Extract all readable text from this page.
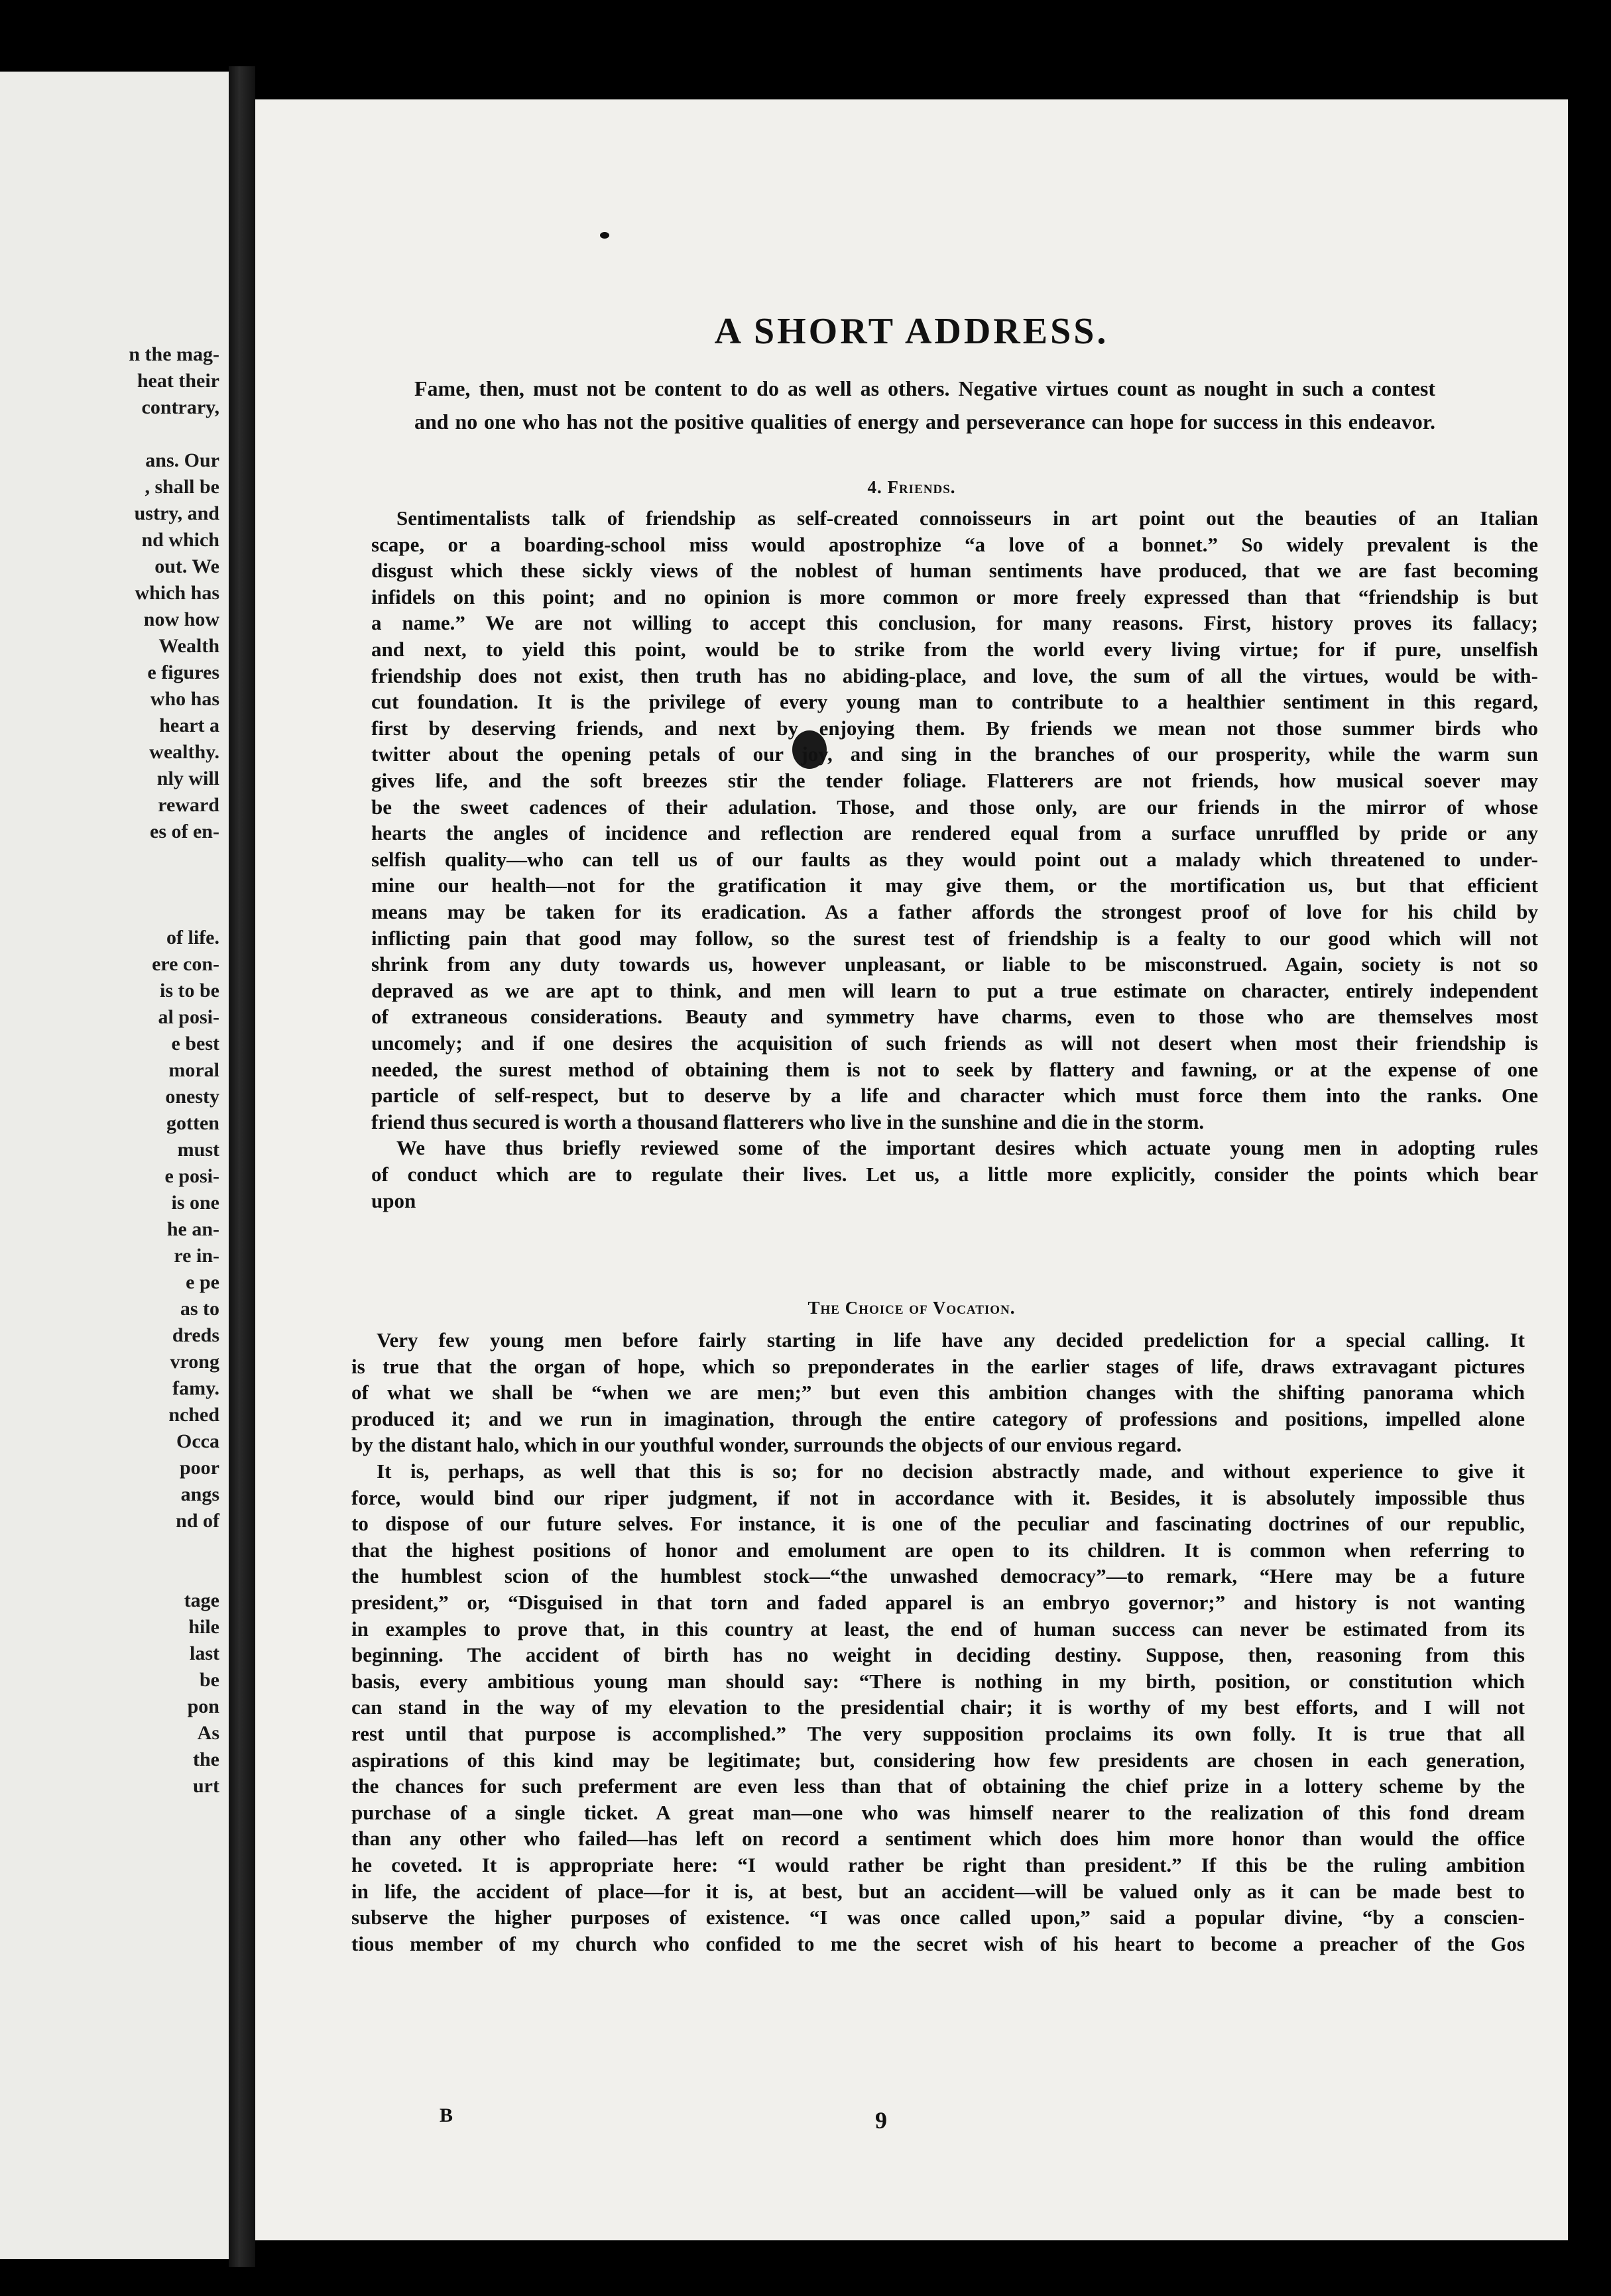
n the mag-
heat their
contrary,
ans. Our
, shall be
ustry, and
nd which
out. We
which has
now how
Wealth
e figures
who has
heart a
wealthy.
nly will
reward
es of en-
of life.
ere con-
is to be
al posi-
e best
moral
onesty
gotten
must
e posi-
is one
he an-
re in-
e pe
as to
dreds
vrong
famy.
nched
Occa
poor
angs
nd of
tage
hile
last
be
pon
As
the
urt
A SHORT ADDRESS.
B	9
Fame, then, must not be content to do as well as others. Negative virtues count as nought in such a contest
and no one who has not the positive qualities of energy and perseverance can hope for success in this endeavor.
4. Friends.
Sentimentalists talk of friendship as self-created connoisseurs in art point out the beauties of an Italian
scape, or a boarding-school miss would apostrophize “a love of a bonnet.” So widely prevalent is the
disgust which these sickly views of the noblest of human sentiments have produced, that we are fast becoming
infidels on this point; and no opinion is more common or more freely expressed than that “friendship is but
a name.” We are not willing to accept this conclusion, for many reasons. First, history proves its fallacy;
and next, to yield this point, would be to strike from the world every living virtue; for if pure, unselfish
friendship does not exist, then truth has no abiding-place, and love, the sum of all the virtues, would be with-
cut foundation. It is the privilege of every young man to contribute to a healthier sentiment in this regard,
first by deserving friends, and next by enjoying them. By friends we mean not those summer birds who
twitter about the opening petals of our joy, and sing in the branches of our prosperity, while the warm sun
gives life, and the soft breezes stir the tender foliage. Flatterers are not friends, how musical soever may
be the sweet cadences of their adulation. Those, and those only, are our friends in the mirror of whose
hearts the angles of incidence and reflection are rendered equal from a surface unruffled by pride or any
selfish quality—who can tell us of our faults as they would point out a malady which threatened to under-
mine our health—not for the gratification it may give them, or the mortification us, but that efficient
means may be taken for its eradication. As a father affords the strongest proof of love for his child by
inflicting pain that good may follow, so the surest test of friendship is a fealty to our good which will not
shrink from any duty towards us, however unpleasant, or liable to be misconstrued. Again, society is not so
depraved as we are apt to think, and men will learn to put a true estimate on character, entirely independent
of extraneous considerations. Beauty and symmetry have charms, even to those who are themselves most
uncomely; and if one desires the acquisition of such friends as will not desert when most their friendship is
needed, the surest method of obtaining them is not to seek by flattery and fawning, or at the expense of one
particle of self-respect, but to deserve by a life and character which must force them into the ranks. One
friend thus secured is worth a thousand flatterers who live in the sunshine and die in the storm.
We have thus briefly reviewed some of the important desires which actuate young men in adopting rules
of conduct which are to regulate their lives. Let us, a little more explicitly, consider the points which bear
upon
The Choice of Vocation.
Very few young men before fairly starting in life have any decided predeliction for a special calling. It
is true that the organ of hope, which so preponderates in the earlier stages of life, draws extravagant pictures
of what we shall be “when we are men;” but even this ambition changes with the shifting panorama which
produced it; and we run in imagination, through the entire category of professions and positions, impelled alone
by the distant halo, which in our youthful wonder, surrounds the objects of our envious regard.
It is, perhaps, as well that this is so; for no decision abstractly made, and without experience to give it
force, would bind our riper judgment, if not in accordance with it. Besides, it is absolutely impossible thus
to dispose of our future selves. For instance, it is one of the peculiar and fascinating doctrines of our republic,
that the highest positions of honor and emolument are open to its children. It is common when referring to
the humblest scion of the humblest stock—“the unwashed democracy”—to remark, “Here may be a future
president,” or, “Disguised in that torn and faded apparel is an embryo governor;” and history is not wanting
in examples to prove that, in this country at least, the end of human success can never be estimated from its
beginning. The accident of birth has no weight in deciding destiny. Suppose, then, reasoning from this
basis, every ambitious young man should say: “There is nothing in my birth, position, or constitution which
can stand in the way of my elevation to the presidential chair; it is worthy of my best efforts, and I will not
rest until that purpose is accomplished.” The very supposition proclaims its own folly. It is true that all
aspirations of this kind may be legitimate; but, considering how few presidents are chosen in each generation,
the chances for such preferment are even less than that of obtaining the chief prize in a lottery scheme by the
purchase of a single ticket. A great man—one who was himself nearer to the realization of this fond dream
than any other who failed—has left on record a sentiment which does him more honor than would the office
he coveted. It is appropriate here: “I would rather be right than president.” If this be the ruling ambition
in life, the accident of place—for it is, at best, but an accident—will be valued only as it can be made best to
subserve the higher purposes of existence. “I was once called upon,” said a popular divine, “by a conscien-
tious member of my church who confided to me the secret wish of his heart to become a preacher of the Gos
